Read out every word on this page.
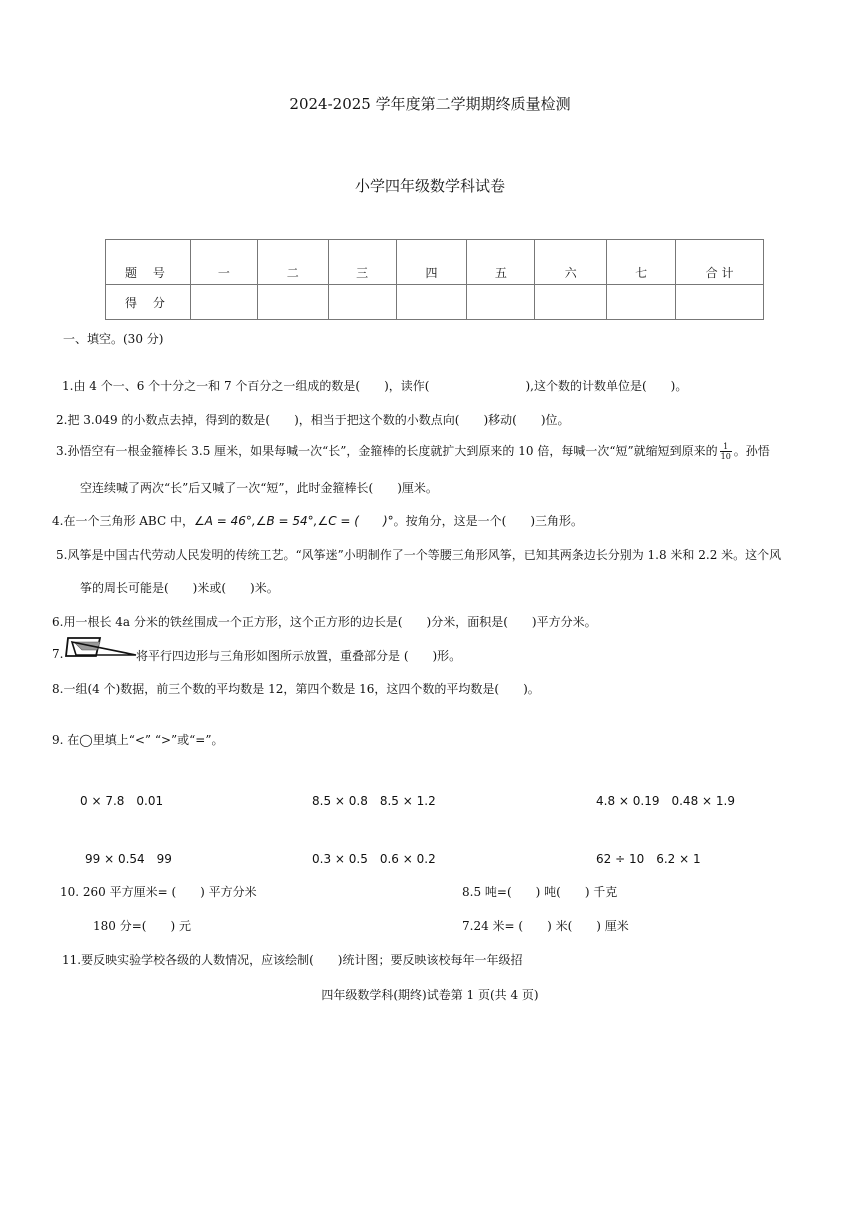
2024-2025 学年度第二学期期终质量检测
小学四年级数学科试卷
题 号	一	二	三	四	五	六	七	合 计
得 分								
一、填空。(30 分)
1.由 4 个一、6 个十分之一和 7 个百分之一组成的数是(　　)，读作(　　　　　　　　),这个数的计数单位是(　　)。
2.把 3.049 的小数点去掉，得到的数是(　　)，相当于把这个数的小数点向(　　)移动(　　)位。
3.孙悟空有一根金箍棒长 3.5 厘米，如果每喊一次“长”，金箍棒的长度就扩大到原来的 10 倍，每喊一次“短”就缩短到原来的 $\frac{1}{10}$ 。孙悟
空连续喊了两次“长”后又喊了一次“短”，此时金箍棒长(　　)厘米。
4.在一个三角形 ABC 中，∠A = 46°,∠B = 54°,∠C = (　　)°。按角分，这是一个(　　)三角形。
5.风筝是中国古代劳动人民发明的传统工艺。“风筝迷”小明制作了一个等腰三角形风筝，已知其两条边长分别为 1.8 米和 2.2 米。这个风
筝的周长可能是(　　)米或(　　)米。
6.用一根长 4a 分米的铁丝围成一个正方形，这个正方形的边长是(　　)分米，面积是(　　)平方分米。
7.	将平行四边形与三角形如图所示放置，重叠部分是 (　　)形。
8.一组(4 个)数据，前三个数的平均数是 12，第四个数是 16，这四个数的平均数是(　　)。
9. 在◯里填上“<” “>”或“=”。
0 × 7.8　0.01	8.5 × 0.8　8.5 × 1.2	4.8 × 0.19　0.48 × 1.9
99 × 0.54　99	0.3 × 0.5　0.6 × 0.2	62 ÷ 10　6.2 × 1
10. 260 平方厘米= (　　) 平方分米	8.5 吨=(　　) 吨(　　) 千克
180 分=(　　) 元	7.24 米= (　　) 米(　　) 厘米
11.要反映实验学校各级的人数情况，应该绘制(　　)统计图；要反映该校每年一年级招
四年级数学科(期终)试卷第 1 页(共 4 页)
